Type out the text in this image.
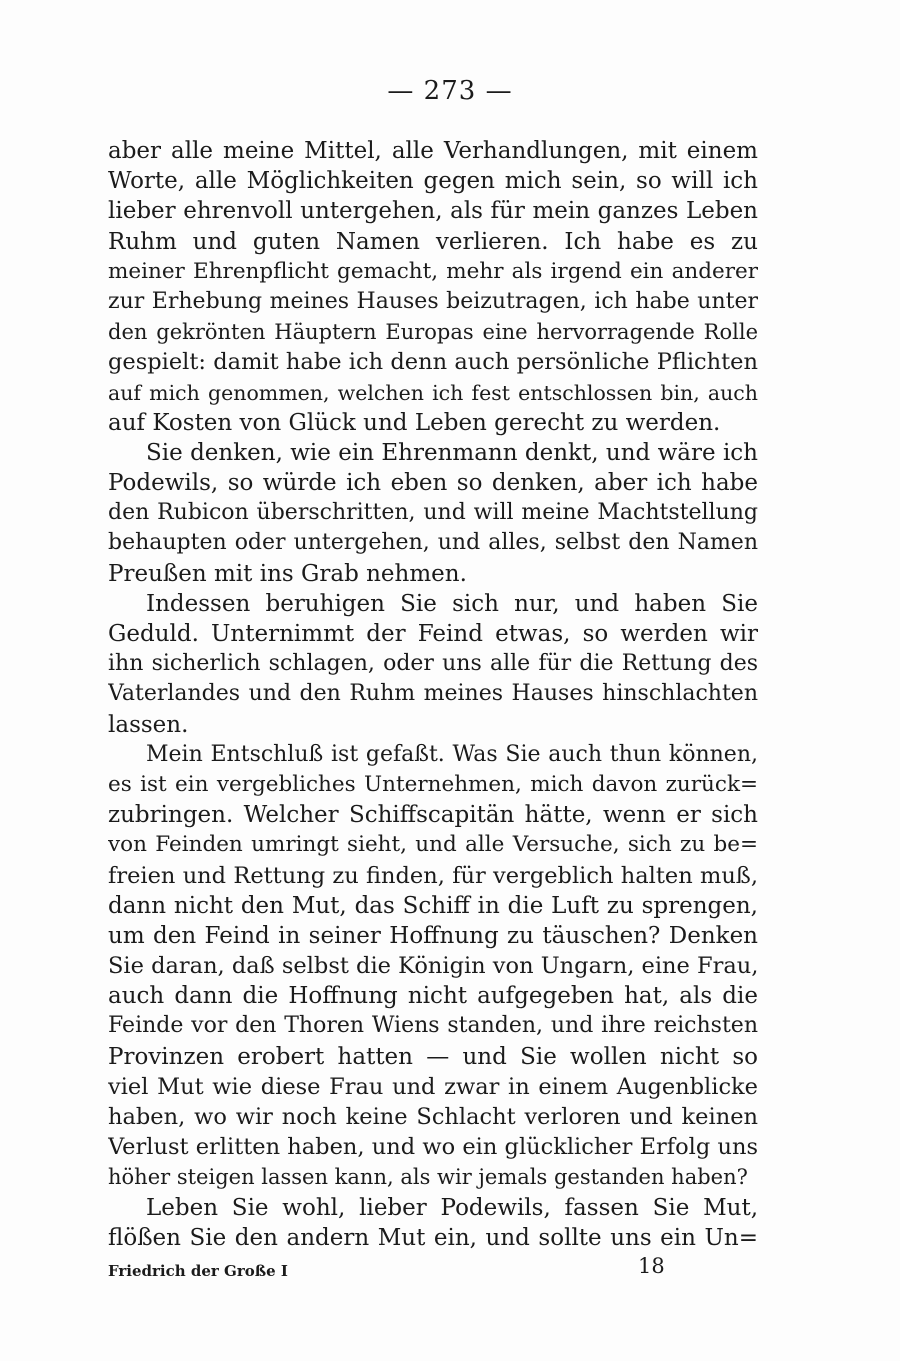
— 273 —
aber alle meine Mittel, alle Verhandlungen, mit einem
Worte, alle Möglichkeiten gegen mich sein, so will ich
lieber ehrenvoll untergehen, als für mein ganzes Leben
Ruhm und guten Namen verlieren. Ich habe es zu
meiner Ehrenpflicht gemacht, mehr als irgend ein anderer
zur Erhebung meines Hauses beizutragen, ich habe unter
den gekrönten Häuptern Europas eine hervorragende Rolle
gespielt: damit habe ich denn auch persönliche Pflichten
auf mich genommen, welchen ich fest entschlossen bin, auch
auf Kosten von Glück und Leben gerecht zu werden.
Sie denken, wie ein Ehrenmann denkt, und wäre ich
Podewils, so würde ich eben so denken, aber ich habe
den Rubicon überschritten, und will meine Machtstellung
behaupten oder untergehen, und alles, selbst den Namen
Preußen mit ins Grab nehmen.
Indessen beruhigen Sie sich nur, und haben Sie
Geduld. Unternimmt der Feind etwas, so werden wir
ihn sicherlich schlagen, oder uns alle für die Rettung des
Vaterlandes und den Ruhm meines Hauses hinschlachten
lassen.
Mein Entschluß ist gefaßt. Was Sie auch thun können,
es ist ein vergebliches Unternehmen, mich davon zurück=
zubringen. Welcher Schiffscapitän hätte, wenn er sich
von Feinden umringt sieht, und alle Versuche, sich zu be=
freien und Rettung zu finden, für vergeblich halten muß,
dann nicht den Mut, das Schiff in die Luft zu sprengen,
um den Feind in seiner Hoffnung zu täuschen? Denken
Sie daran, daß selbst die Königin von Ungarn, eine Frau,
auch dann die Hoffnung nicht aufgegeben hat, als die
Feinde vor den Thoren Wiens standen, und ihre reichsten
Provinzen erobert hatten — und Sie wollen nicht so
viel Mut wie diese Frau und zwar in einem Augenblicke
haben, wo wir noch keine Schlacht verloren und keinen
Verlust erlitten haben, und wo ein glücklicher Erfolg uns
höher steigen lassen kann, als wir jemals gestanden haben?
Leben Sie wohl, lieber Podewils, fassen Sie Mut,
flößen Sie den andern Mut ein, und sollte uns ein Un=
Friedrich der Große I	18
